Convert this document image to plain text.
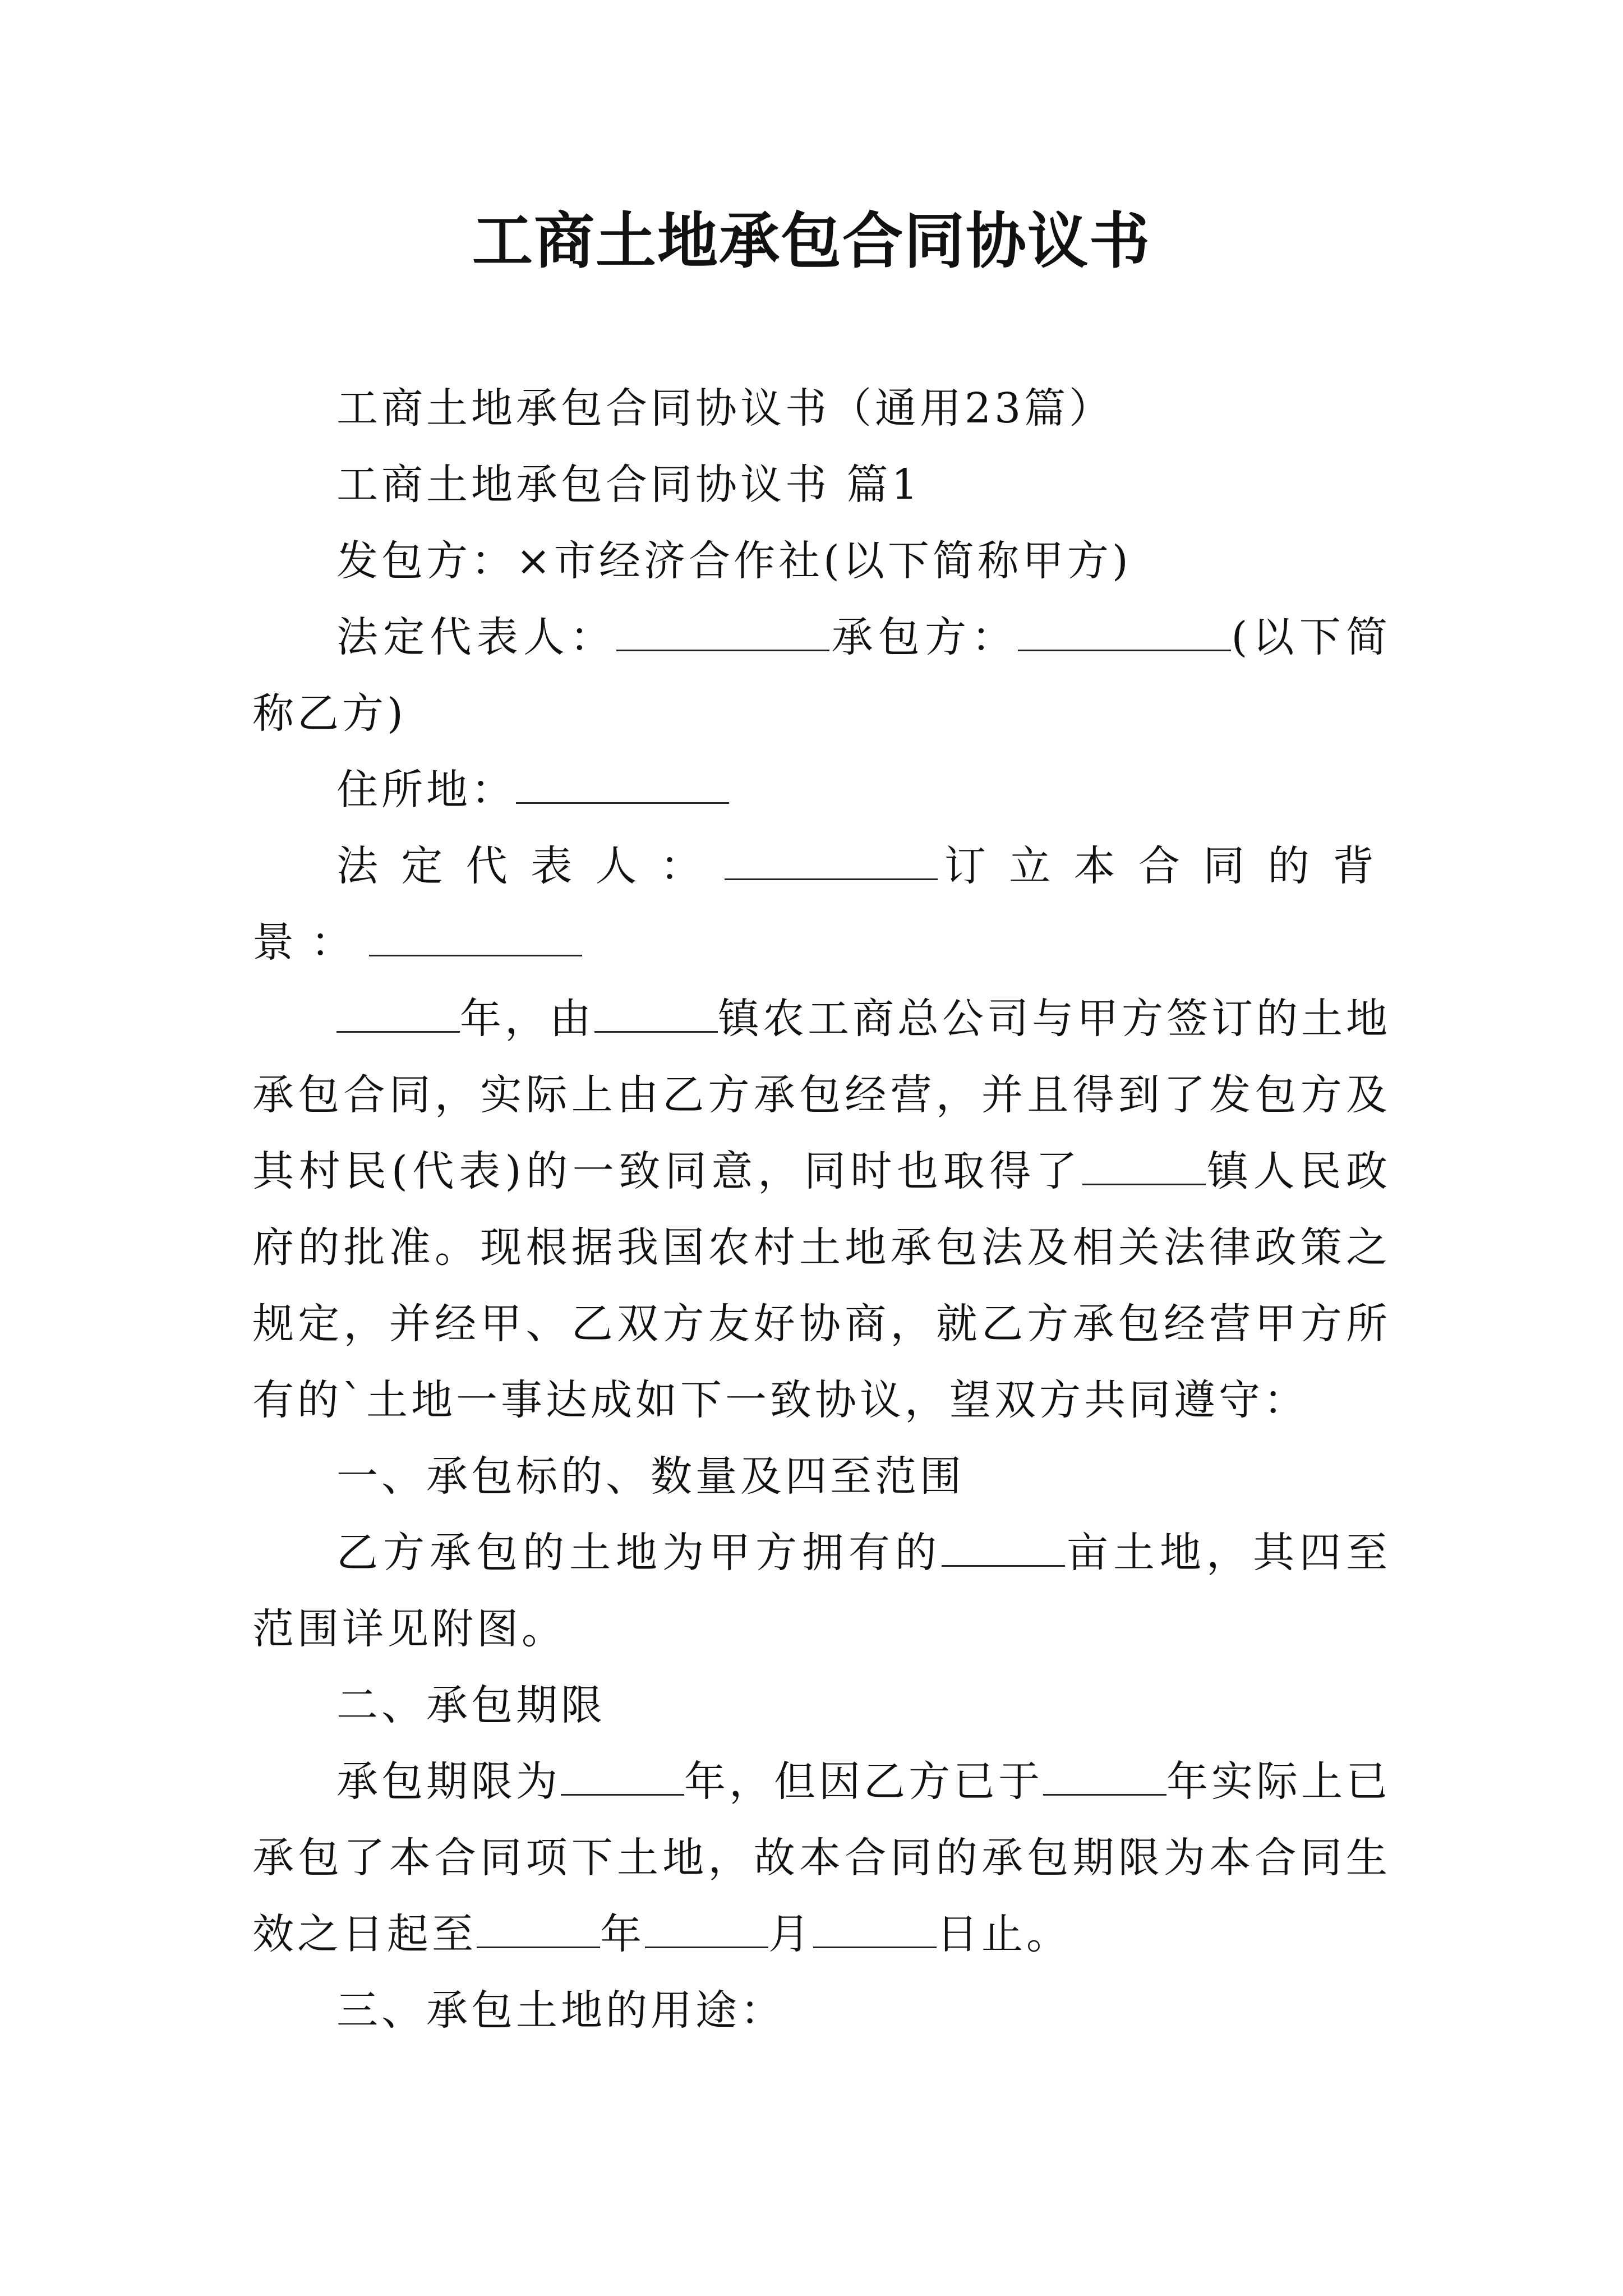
工商土地承包合同协议书

工商土地承包合同协议书（通用23篇）

工商土地承包合同协议书 篇1

发包方：×市经济合作社(以下简称甲方)

法定代表人：	承包方：	(以下简称乙方)

住所地：

法定代表人：	订立本合同的背景：

年，由	镇农工商总公司与甲方签订的土地承包合同，实际上由乙方承包经营，并且得到了发包方及其村民(代表)的一致同意，同时也取得了	镇人民政府的批准。现根据我国农村土地承包法及相关法律政策之规定，并经甲、乙双方友好协商，就乙方承包经营甲方所有的`土地一事达成如下一致协议，望双方共同遵守：

一、承包标的、数量及四至范围

乙方承包的土地为甲方拥有的	亩土地，其四至范围详见附图。

二、承包期限

承包期限为	年，但因乙方已于	年实际上已承包了本合同项下土地，故本合同的承包期限为本合同生效之日起至	年	月	日止。

三、承包土地的用途：
